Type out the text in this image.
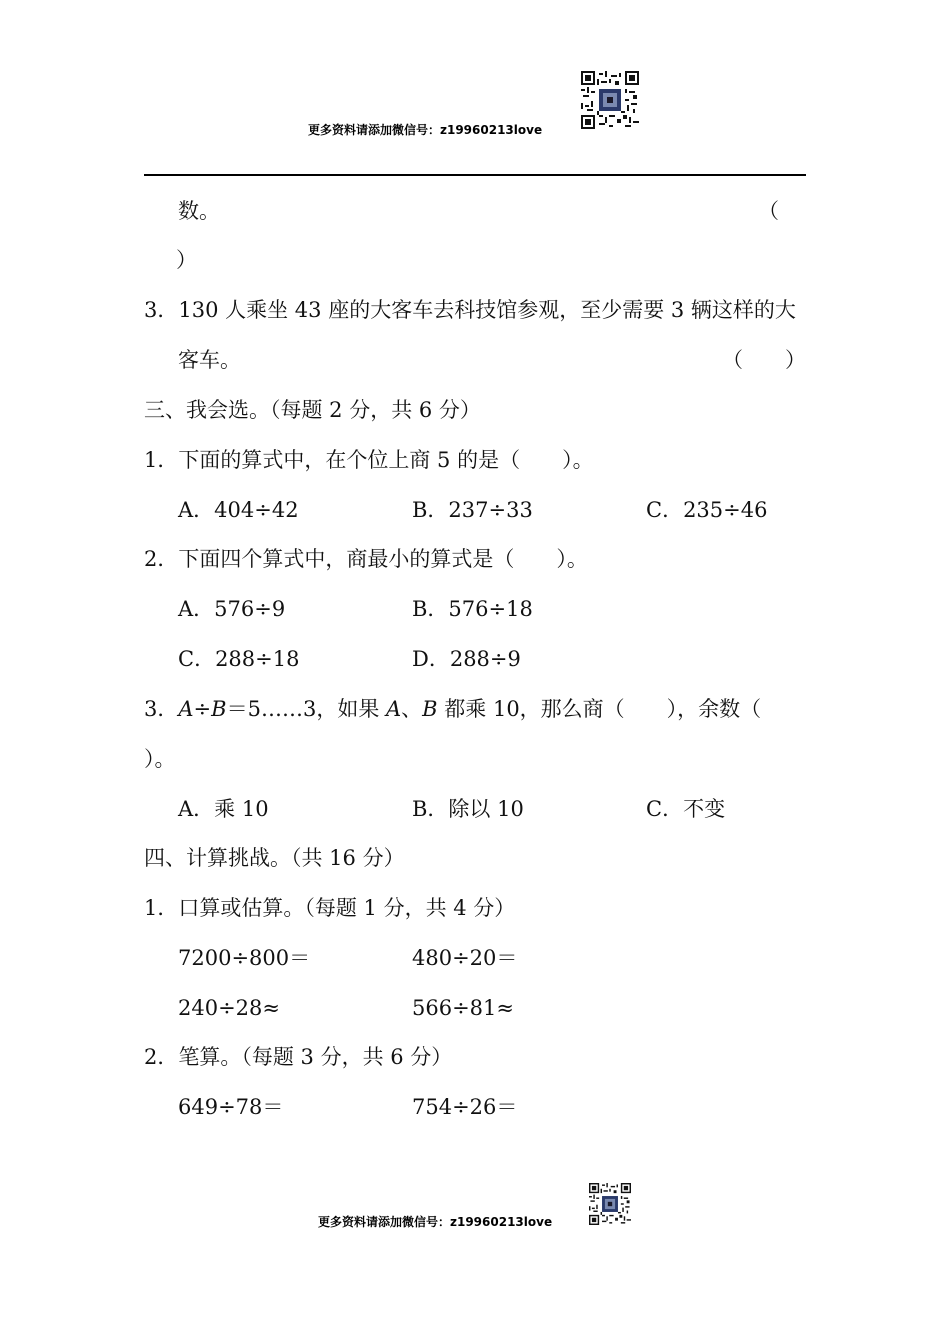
更多资料请添加微信号：z19960213love
数。	（
）
3．130 人乘坐 43 座的大客车去科技馆参观，至少需要 3 辆这样的大
客车。	（　　）
三、我会选。（每题 2 分，共 6 分）
1．下面的算式中，在个位上商 5 的是（　　）。
A．404÷42	B．237÷33	C．235÷46
2．下面四个算式中，商最小的算式是（　　）。
A．576÷9	B．576÷18
C．288÷18	D．288÷9
3．A÷B＝5……3，如果 A、B 都乘 10，那么商（　　），余数（
）。
A．乘 10	B．除以 10	C．不变
四、计算挑战。（共 16 分）
1．口算或估算。（每题 1 分，共 4 分）
7200÷800＝	480÷20＝
240÷28≈	566÷81≈
2．笔算。（每题 3 分，共 6 分）
649÷78＝	754÷26＝
更多资料请添加微信号：z19960213love
